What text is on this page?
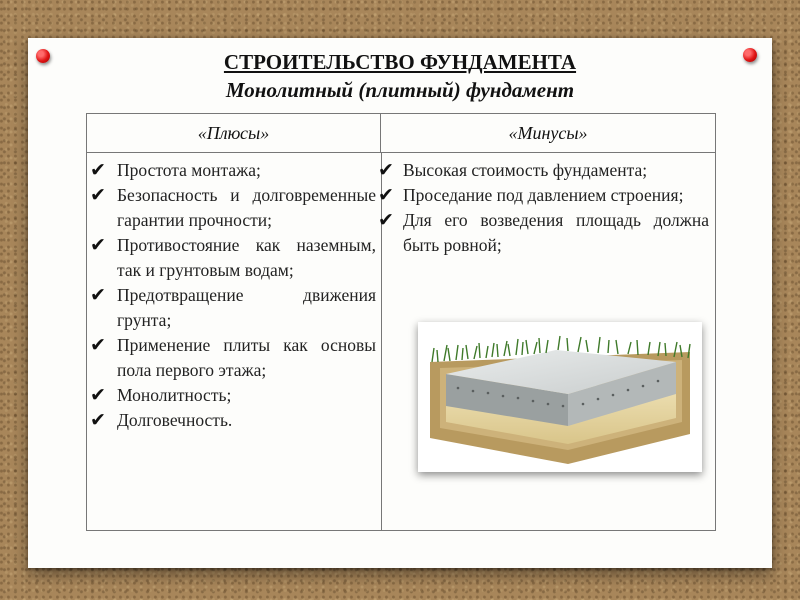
СТРОИТЕЛЬСТВО ФУНДАМЕНТА
Монолитный (плитный) фундамент
«Плюсы»	«Минусы»
✔ Простота монтажа;
✔ Безопасность и долговременные гарантии прочности;
✔ Противостояние как наземным, так и грунтовым водам;
✔ Предотвращение движения грунта;
✔ Применение плиты как основы пола первого этажа;
✔ Монолитность;
✔ Долговечность.
✔ Высокая стоимость фундамента;
✔ Проседание под давлением строения;
✔ Для его возведения площадь должна быть ровной;
